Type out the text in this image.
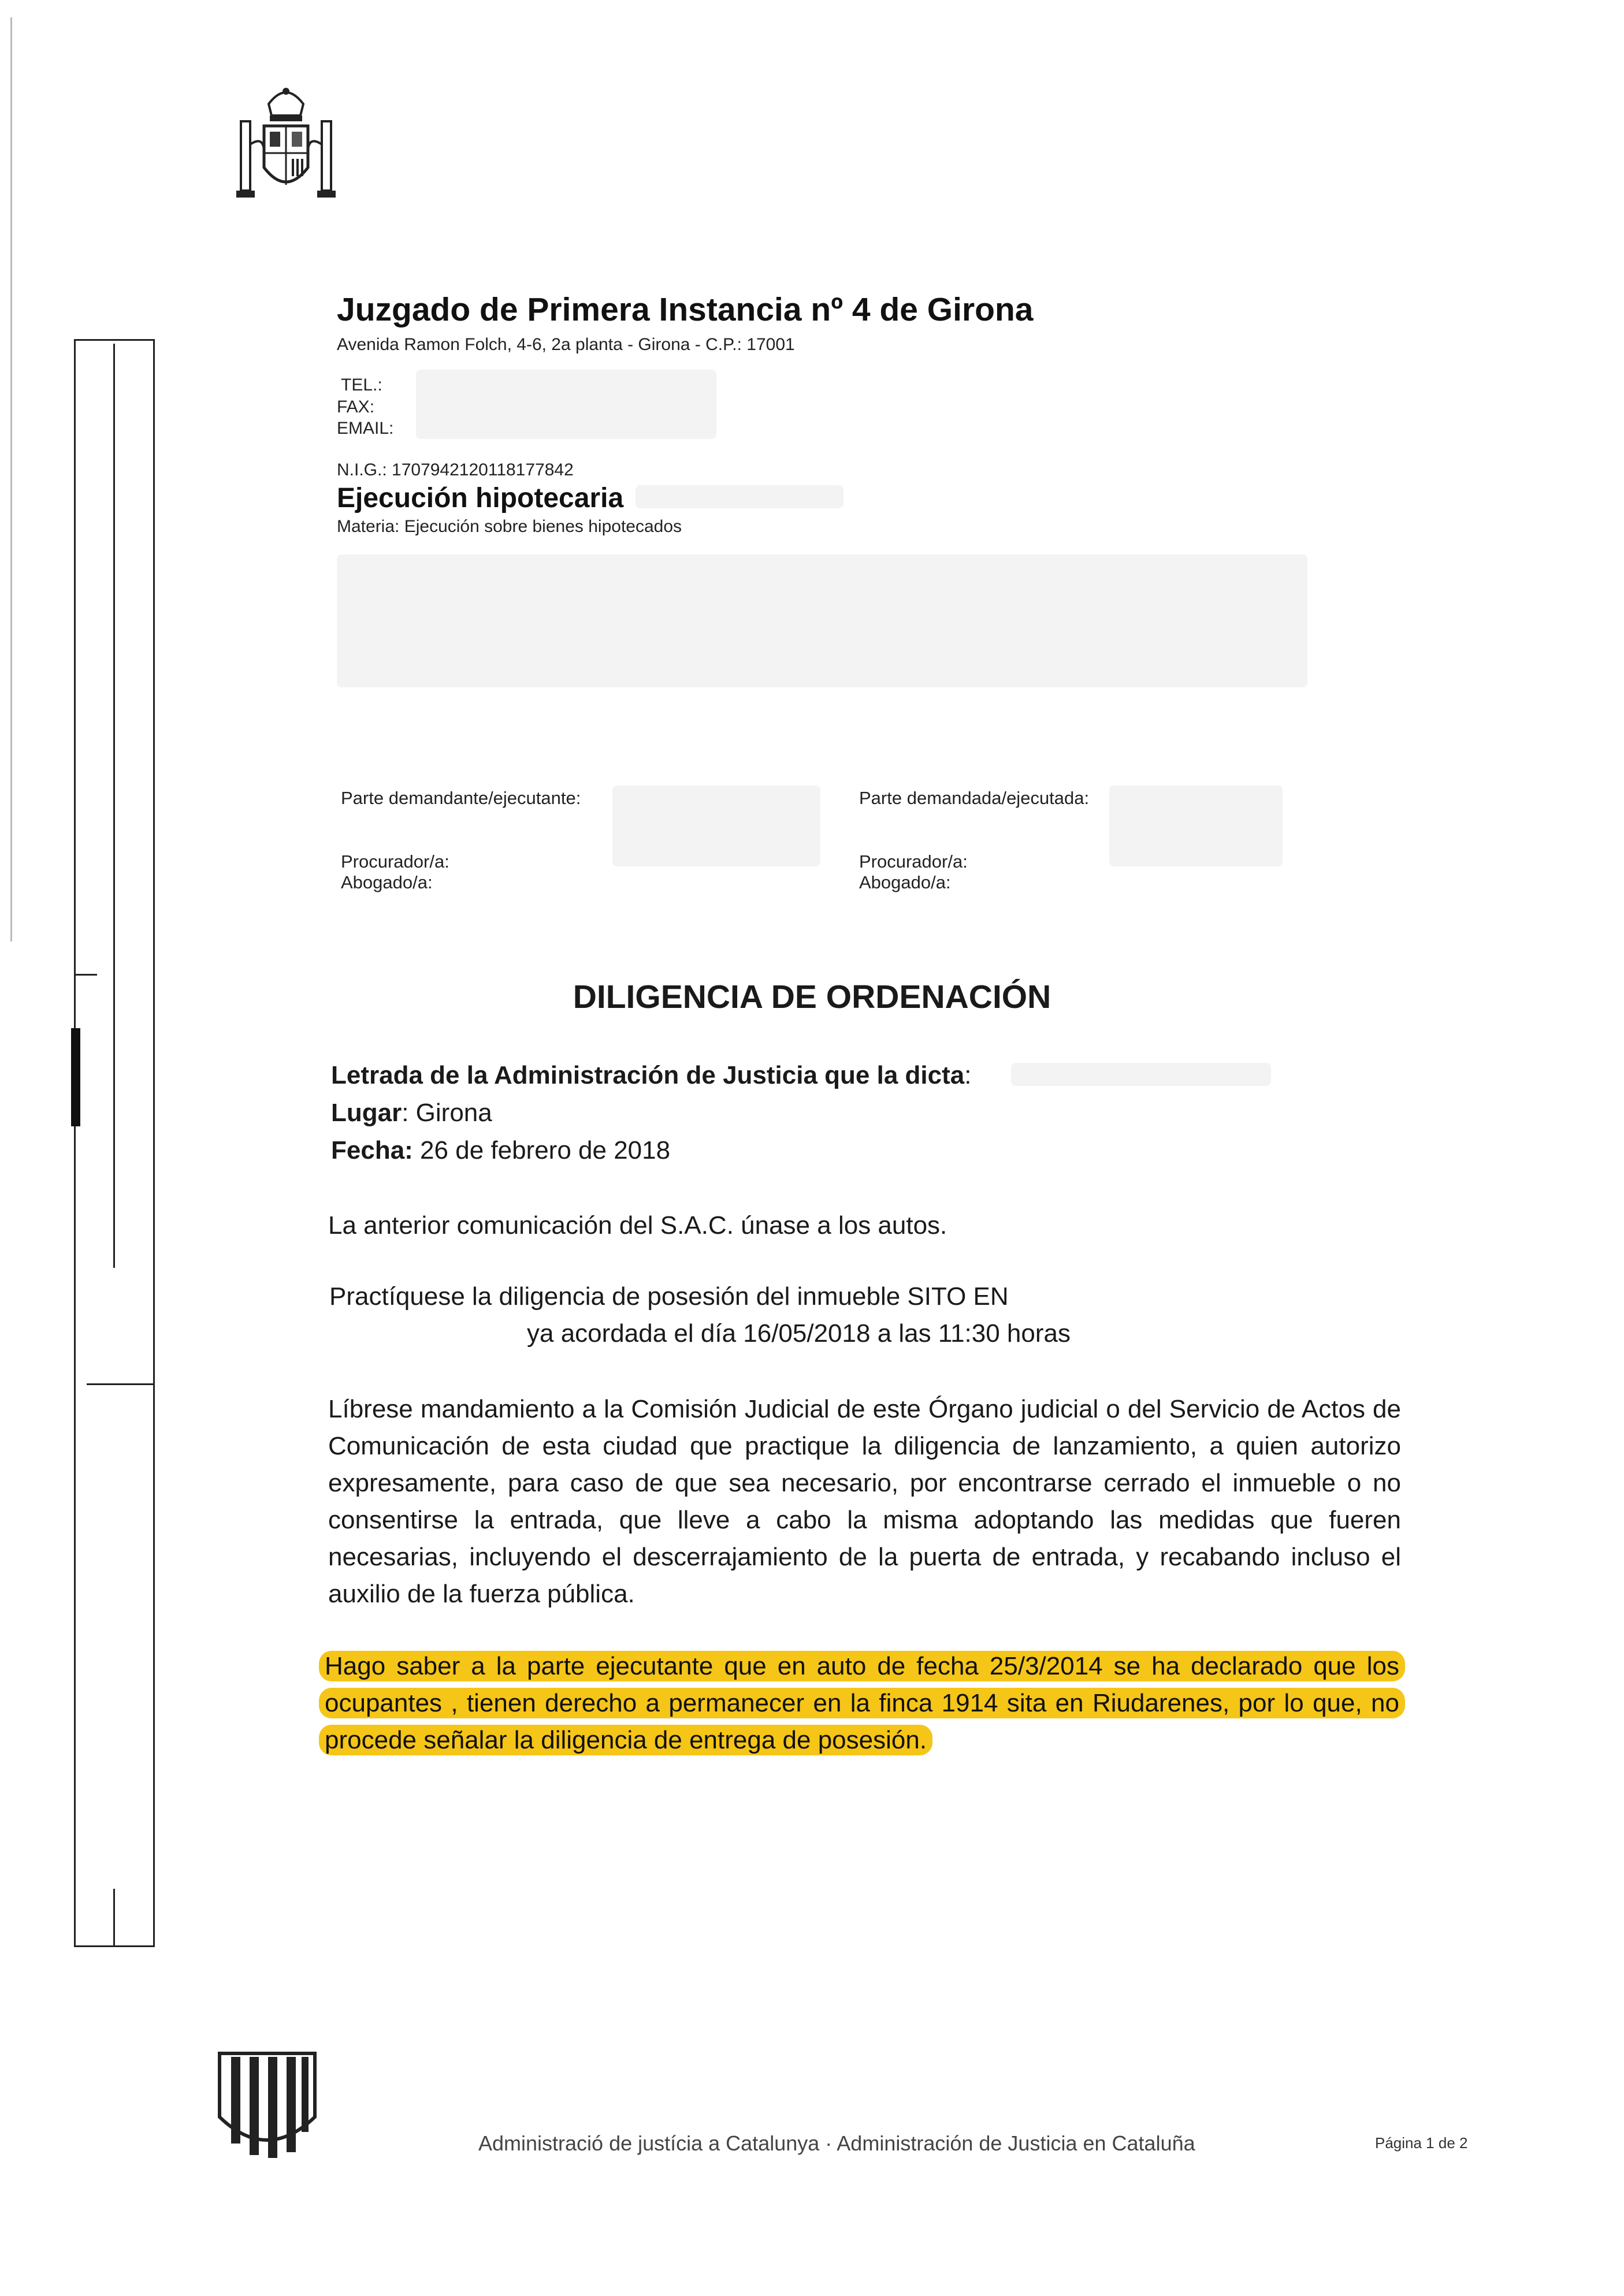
Juzgado de Primera Instancia nº 4 de Girona
Avenida Ramon Folch, 4-6, 2a planta - Girona - C.P.: 17001
TEL.:
FAX:
EMAIL:
N.I.G.: 1707942120118177842
Ejecución hipotecaria
Materia: Ejecución sobre bienes hipotecados
Parte demandante/ejecutante:	Parte demandada/ejecutada:
Procurador/a:
Abogado/a:
Procurador/a:
Abogado/a:
DILIGENCIA DE ORDENACIÓN
Letrada de la Administración de Justicia que la dicta:
Lugar: Girona
Fecha: 26 de febrero de 2018
La anterior comunicación del S.A.C. únase a los autos.
Practíquese la diligencia de posesión del inmueble SITO EN
ya acordada el día 16/05/2018 a las 11:30 horas
Líbrese mandamiento a la Comisión Judicial de este Órgano judicial o del Servicio de Actos de Comunicación de esta ciudad que practique la diligencia de lanzamiento, a quien autorizo expresamente, para caso de que sea necesario, por encontrarse cerrado el inmueble o no consentirse la entrada, que lleve a cabo la misma adoptando las medidas que fueren necesarias, incluyendo el descerrajamiento de la puerta de entrada, y recabando incluso el auxilio de la fuerza pública.
Hago saber a la parte ejecutante que en auto de fecha 25/3/2014 se ha declarado que los ocupantes , tienen derecho a permanecer en la finca 1914 sita en Riudarenes, por lo que, no procede señalar la diligencia de entrega de posesión.
Administració de justícia a Catalunya · Administración de Justicia en Cataluña	Página 1 de 2
